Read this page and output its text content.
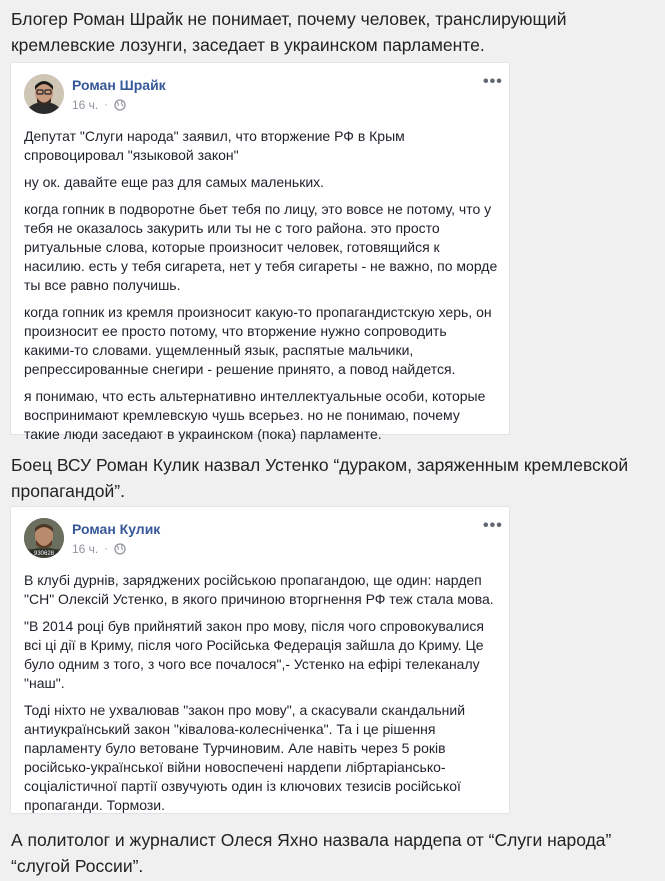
Блогер Роман Шрайк не понимает, почему человек, транслирующий кремлевские лозунги, заседает в украинском парламенте.

Роман Шрайк
16 ч. ·
•••

Депутат "Слуги народа" заявил, что вторжение РФ в Крым спровоцировал "языковой закон"

ну ок. давайте еще раз для самых маленьких.

когда гопник в подворотне бьет тебя по лицу, это вовсе не потому, что у тебя не оказалось закурить или ты не с того района. это просто ритуальные слова, которые произносит человек, готовящийся к насилию. есть у тебя сигарета, нет у тебя сигареты - не важно, по морде ты все равно получишь.

когда гопник из кремля произносит какую-то пропагандистскую херь, он произносит ее просто потому, что вторжение нужно сопроводить какими-то словами. ущемленный язык, распятые мальчики, репрессированные снегири - решение принято, а повод найдется.

я понимаю, что есть альтернативно интеллектуальные особи, которые воспринимают кремлевскую чушь всерьез. но не понимаю, почему такие люди заседают в украинском (пока) парламенте.

Боец ВСУ Роман Кулик назвал Устенко “дураком, заряженным кремлевской пропагандой”.

930628
Роман Кулик
16 ч. ·
•••

В клубі дурнів, заряджених російською пропагандою, ще один: нардеп "СН" Олексій Устенко, в якого причиною вторгнення РФ теж стала мова.

"В 2014 році був прийнятий закон про мову, після чого спровокувалися всі ці дії в Криму, після чого Російська Федерація зайшла до Криму. Це було одним з того, з чого все почалося",- Устенко на ефірі телеканалу "наш".

Тоді ніхто не ухвалював "закон про мову", а скасували скандальний антиукраїнський закон "ківалова-колесніченка". Та і це рішення парламенту було ветоване Турчиновим. Але навіть через 5 років російсько-української війни новоспечені нардепи лібртаріансько-соціалістичної партії озвучують один із ключових тезисів російської пропаганди. Тормози.

А политолог и журналист Олеся Яхно назвала нардепа от “Слуги народа” “слугой России”.
